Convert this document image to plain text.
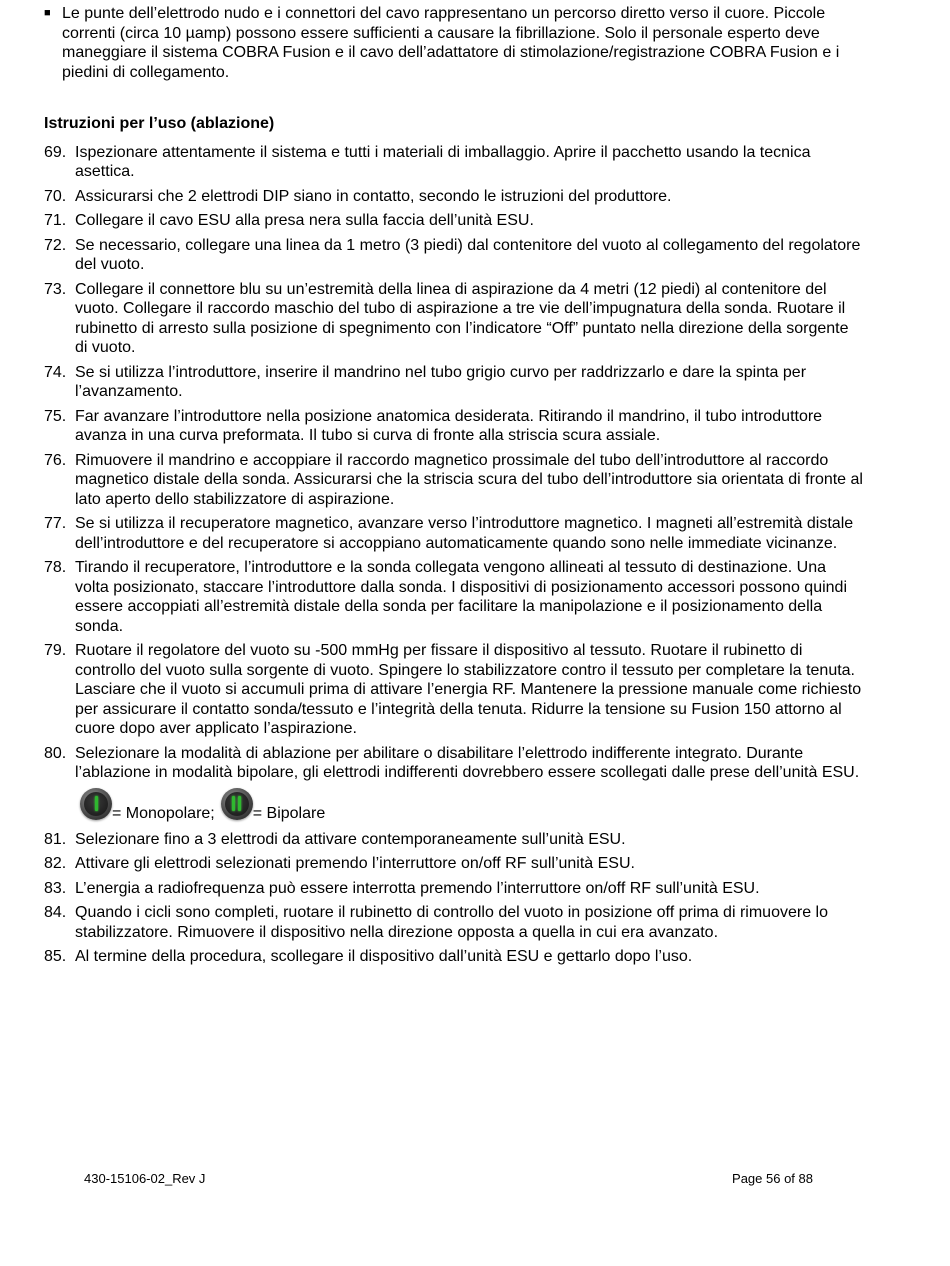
■ Le punte dell’elettrodo nudo e i connettori del cavo rappresentano un percorso diretto verso il cuore. Piccole correnti (circa 10 µamp) possono essere sufficienti a causare la fibrillazione. Solo il personale esperto deve maneggiare il sistema COBRA Fusion e il cavo dell’adattatore di stimolazione/registrazione COBRA Fusion e i piedini di collegamento.
Istruzioni per l’uso (ablazione)
69. Ispezionare attentamente il sistema e tutti i materiali di imballaggio. Aprire il pacchetto usando la tecnica asettica.
70. Assicurarsi che 2 elettrodi DIP siano in contatto, secondo le istruzioni del produttore.
71. Collegare il cavo ESU alla presa nera sulla faccia dell’unità ESU.
72. Se necessario, collegare una linea da 1 metro (3 piedi) dal contenitore del vuoto al collegamento del regolatore del vuoto.
73. Collegare il connettore blu su un’estremità della linea di aspirazione da 4 metri (12 piedi) al contenitore del vuoto. Collegare il raccordo maschio del tubo di aspirazione a tre vie dell’impugnatura della sonda. Ruotare il rubinetto di arresto sulla posizione di spegnimento con l’indicatore “Off” puntato nella direzione della sorgente di vuoto.
74. Se si utilizza l’introduttore, inserire il mandrino nel tubo grigio curvo per raddrizzarlo e dare la spinta per l’avanzamento.
75. Far avanzare l’introduttore nella posizione anatomica desiderata. Ritirando il mandrino, il tubo introduttore avanza in una curva preformata. Il tubo si curva di fronte alla striscia scura assiale.
76. Rimuovere il mandrino e accoppiare il raccordo magnetico prossimale del tubo dell’introduttore al raccordo magnetico distale della sonda. Assicurarsi che la striscia scura del tubo dell’introduttore sia orientata di fronte al lato aperto dello stabilizzatore di aspirazione.
77. Se si utilizza il recuperatore magnetico, avanzare verso l’introduttore magnetico. I magneti all’estremità distale dell’introduttore e del recuperatore si accoppiano automaticamente quando sono nelle immediate vicinanze.
78. Tirando il recuperatore, l’introduttore e la sonda collegata vengono allineati al tessuto di destinazione. Una volta posizionato, staccare l’introduttore dalla sonda. I dispositivi di posizionamento accessori possono quindi essere accoppiati all’estremità distale della sonda per facilitare la manipolazione e il posizionamento della sonda.
79. Ruotare il regolatore del vuoto su -500 mmHg per fissare il dispositivo al tessuto. Ruotare il rubinetto di controllo del vuoto sulla sorgente di vuoto. Spingere lo stabilizzatore contro il tessuto per completare la tenuta. Lasciare che il vuoto si accumuli prima di attivare l’energia RF. Mantenere la pressione manuale come richiesto per assicurare il contatto sonda/tessuto e l’integrità della tenuta. Ridurre la tensione su Fusion 150 attorno al cuore dopo aver applicato l’aspirazione.
80. Selezionare la modalità di ablazione per abilitare o disabilitare l’elettrodo indifferente integrato. Durante l’ablazione in modalità bipolare, gli elettrodi indifferenti dovrebbero essere scollegati dalle prese dell’unità ESU.
= Monopolare; = Bipolare
81. Selezionare fino a 3 elettrodi da attivare contemporaneamente sull’unità ESU.
82. Attivare gli elettrodi selezionati premendo l’interruttore on/off RF sull’unità ESU.
83. L’energia a radiofrequenza può essere interrotta premendo l’interruttore on/off RF sull’unità ESU.
84. Quando i cicli sono completi, ruotare il rubinetto di controllo del vuoto in posizione off prima di rimuovere lo stabilizzatore. Rimuovere il dispositivo nella direzione opposta a quella in cui era avanzato.
85. Al termine della procedura, scollegare il dispositivo dall’unità ESU e gettarlo dopo l’uso.
430-15106-02_Rev J	Page 56 of 88
